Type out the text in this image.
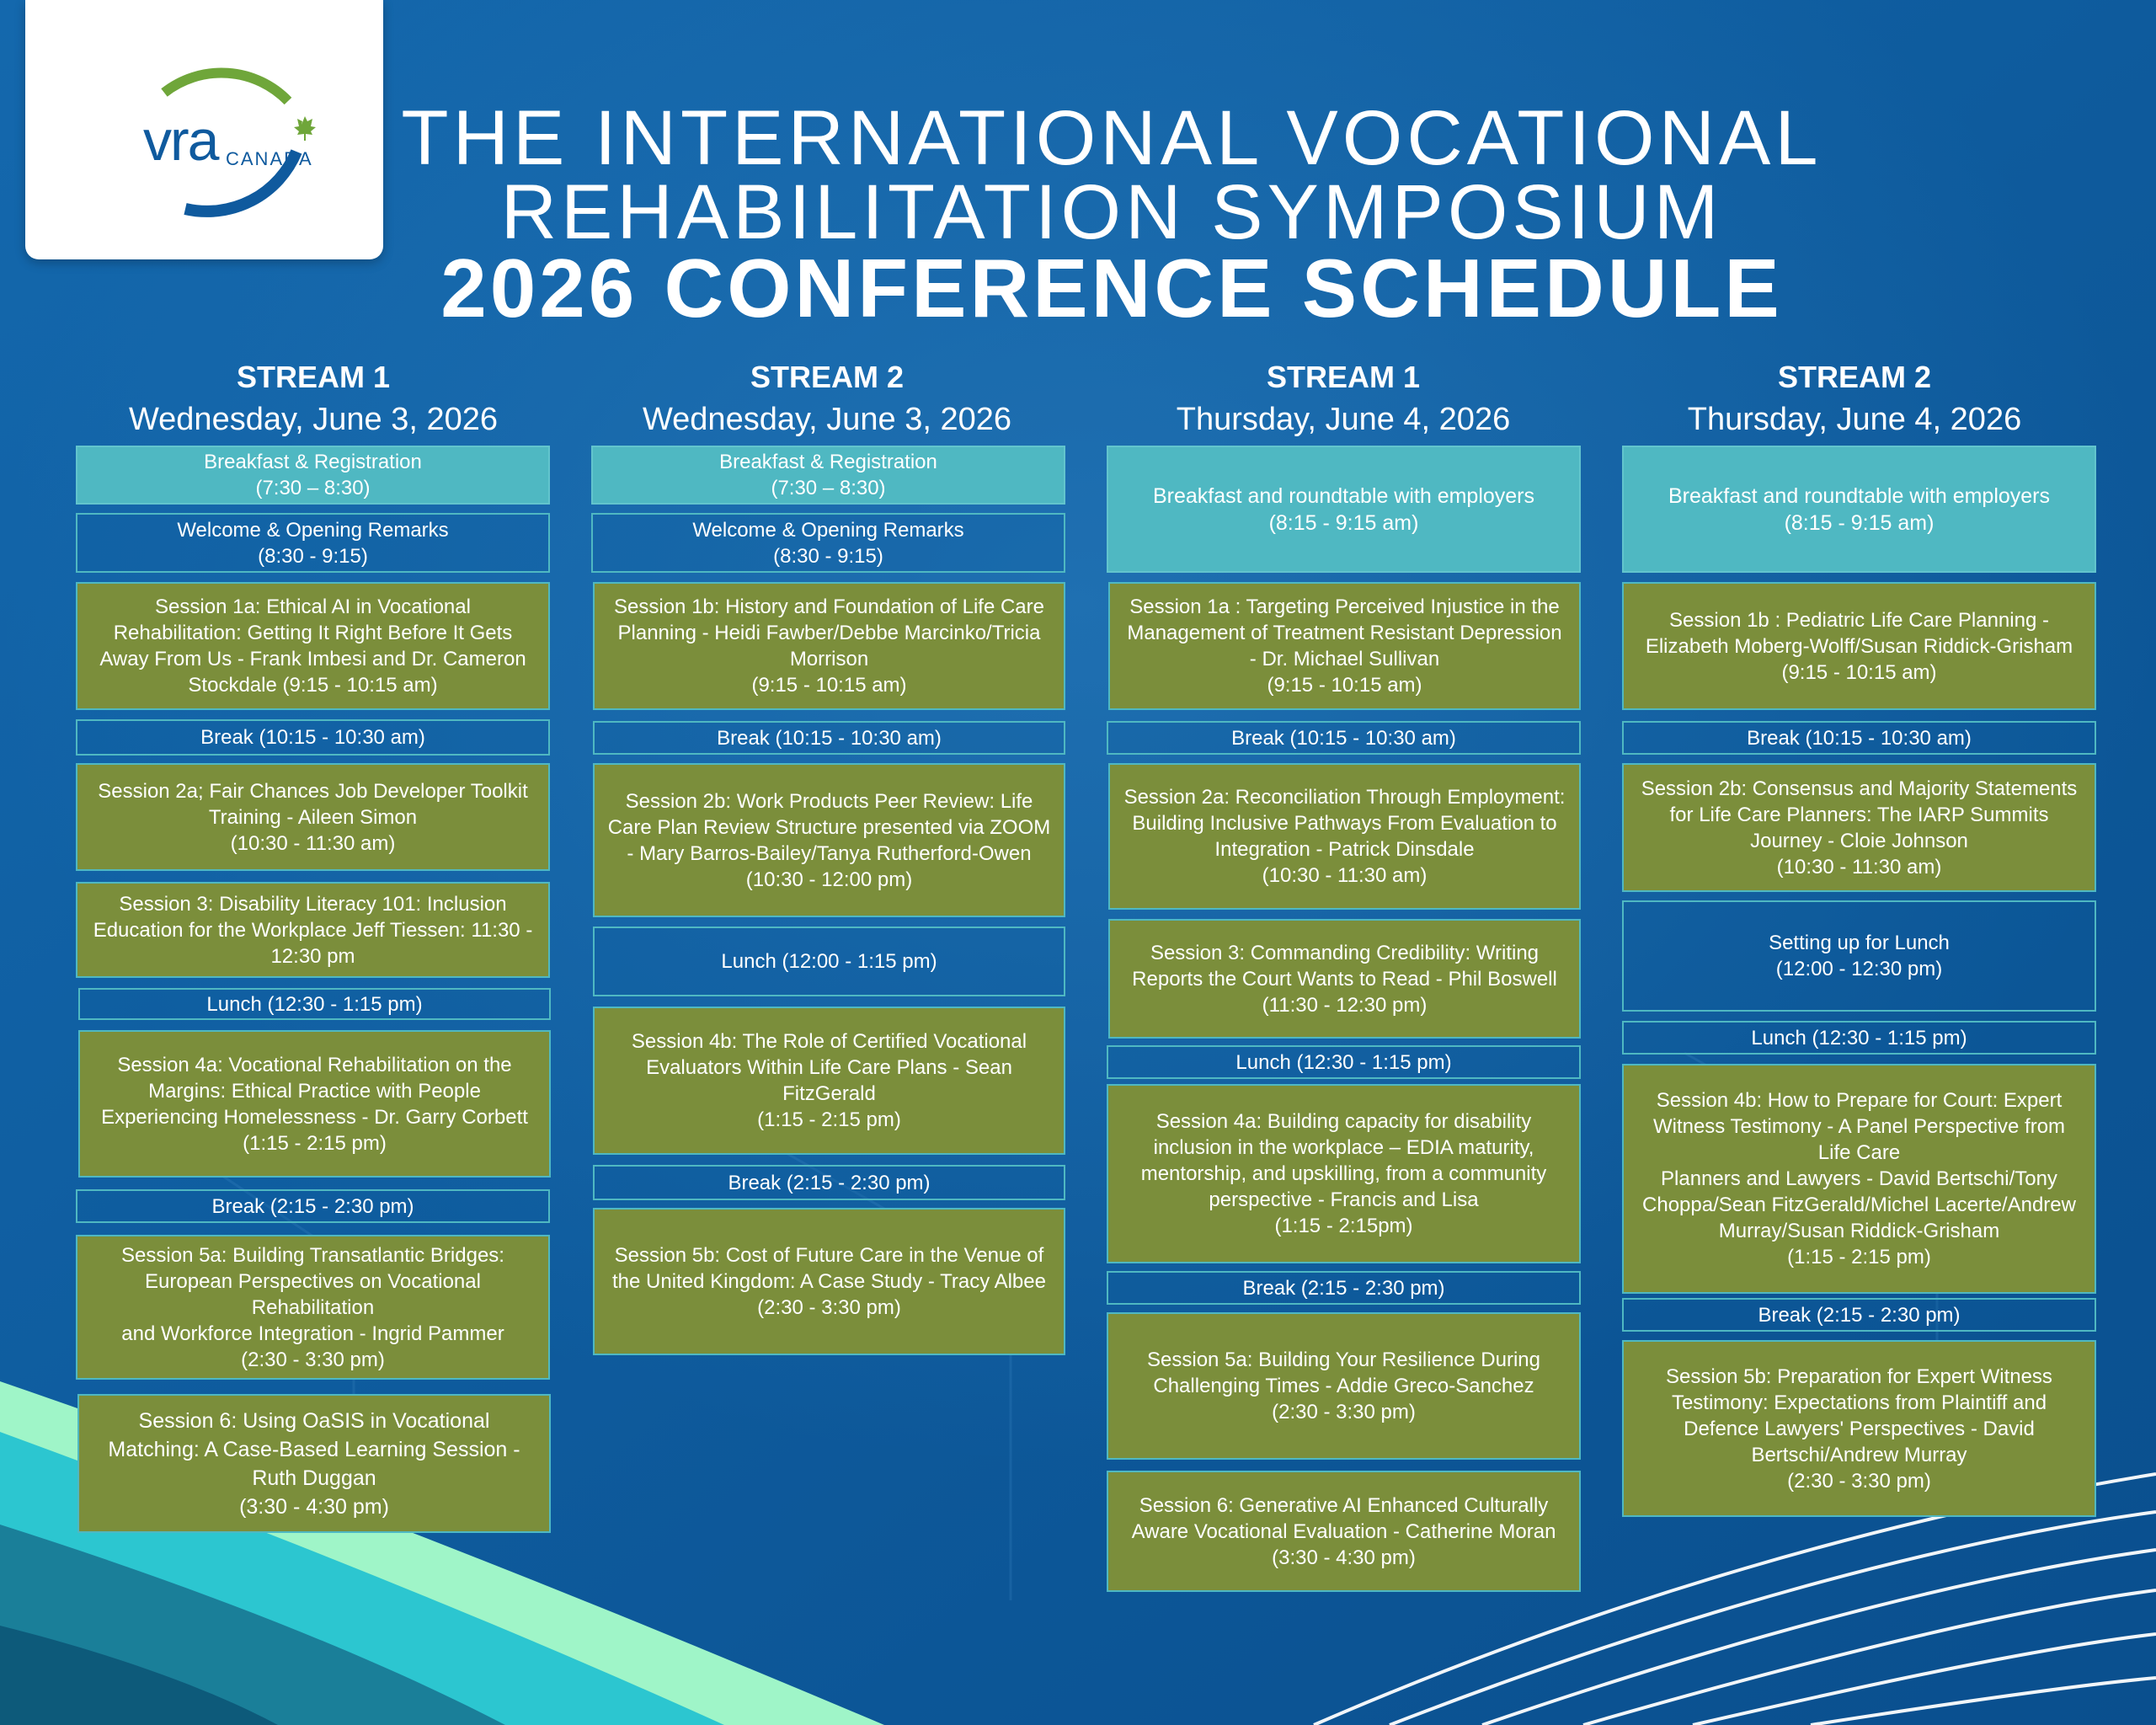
vra CANADA	THE INTERNATIONAL VOCATIONAL
REHABILITATION SYMPOSIUM
2026 CONFERENCE SCHEDULE
STREAM 1
Wednesday, June 3, 2026
STREAM 2
Wednesday, June 3, 2026
STREAM 1
Thursday, June 4, 2026
STREAM 2
Thursday, June 4, 2026
Breakfast & Registration
(7:30 – 8:30)
Welcome & Opening Remarks
(8:30 - 9:15)
Session 1a: Ethical AI in Vocational Rehabilitation: Getting It Right Before It Gets Away From Us - Frank Imbesi and Dr. Cameron Stockdale (9:15 - 10:15 am)
Break (10:15 - 10:30 am)
Session 2a; Fair Chances Job Developer Toolkit Training - Aileen Simon
(10:30 - 11:30 am)
Session 3: Disability Literacy 101: Inclusion Education for the Workplace Jeff Tiessen: 11:30 - 12:30 pm
Lunch (12:30 - 1:15 pm)
Session 4a: Vocational Rehabilitation on the Margins: Ethical Practice with People Experiencing Homelessness - Dr. Garry Corbett
(1:15 - 2:15 pm)
Break (2:15 - 2:30 pm)
Session 5a: Building Transatlantic Bridges: European Perspectives on Vocational Rehabilitation
and Workforce Integration - Ingrid Pammer
(2:30 - 3:30 pm)
Session 6: Using OaSIS in Vocational Matching: A Case-Based Learning Session - Ruth Duggan
(3:30 - 4:30 pm)
Breakfast & Registration
(7:30 – 8:30)
Welcome & Opening Remarks
(8:30 - 9:15)
Session 1b: History and Foundation of Life Care Planning - Heidi Fawber/Debbe Marcinko/Tricia Morrison
(9:15 - 10:15 am)
Break (10:15 - 10:30 am)
Session 2b: Work Products Peer Review: Life Care Plan Review Structure presented via ZOOM - Mary Barros-Bailey/Tanya Rutherford-Owen
(10:30 - 12:00 pm)
Lunch (12:00 - 1:15 pm)
Session 4b: The Role of Certified Vocational Evaluators Within Life Care Plans - Sean FitzGerald
(1:15 - 2:15 pm)
Break (2:15 - 2:30 pm)
Session 5b: Cost of Future Care in the Venue of the United Kingdom: A Case Study - Tracy Albee
(2:30 - 3:30 pm)
Breakfast and roundtable with employers
(8:15 - 9:15 am)
Session 1a : Targeting Perceived Injustice in the Management of Treatment Resistant Depression - Dr. Michael Sullivan
(9:15 - 10:15 am)
Break (10:15 - 10:30 am)
Session 2a: Reconciliation Through Employment: Building Inclusive Pathways From Evaluation to Integration - Patrick Dinsdale
(10:30 - 11:30 am)
Session 3: Commanding Credibility: Writing Reports the Court Wants to Read - Phil Boswell
(11:30 - 12:30 pm)
Lunch (12:30 - 1:15 pm)
Session 4a: Building capacity for disability inclusion in the workplace – EDIA maturity, mentorship, and upskilling, from a community perspective - Francis and Lisa
(1:15 - 2:15pm)
Break (2:15 - 2:30 pm)
Session 5a: Building Your Resilience During Challenging Times - Addie Greco-Sanchez
(2:30 - 3:30 pm)
Session 6: Generative AI Enhanced Culturally Aware Vocational Evaluation - Catherine Moran
(3:30 - 4:30 pm)
Breakfast and roundtable with employers
(8:15 - 9:15 am)
Session 1b : Pediatric Life Care Planning - Elizabeth Moberg-Wolff/Susan Riddick-Grisham
(9:15 - 10:15 am)
Break (10:15 - 10:30 am)
Session 2b: Consensus and Majority Statements for Life Care Planners: The IARP Summits Journey - Cloie Johnson
(10:30 - 11:30 am)
Setting up for Lunch
(12:00 - 12:30 pm)
Lunch (12:30 - 1:15 pm)
Session 4b: How to Prepare for Court: Expert Witness Testimony - A Panel Perspective from Life Care
Planners and Lawyers - David Bertschi/Tony Choppa/Sean FitzGerald/Michel Lacerte/Andrew Murray/Susan Riddick-Grisham
(1:15 - 2:15 pm)
Break (2:15 - 2:30 pm)
Session 5b: Preparation for Expert Witness Testimony: Expectations from Plaintiff and Defence Lawyers' Perspectives - David Bertschi/Andrew Murray
(2:30 - 3:30 pm)
